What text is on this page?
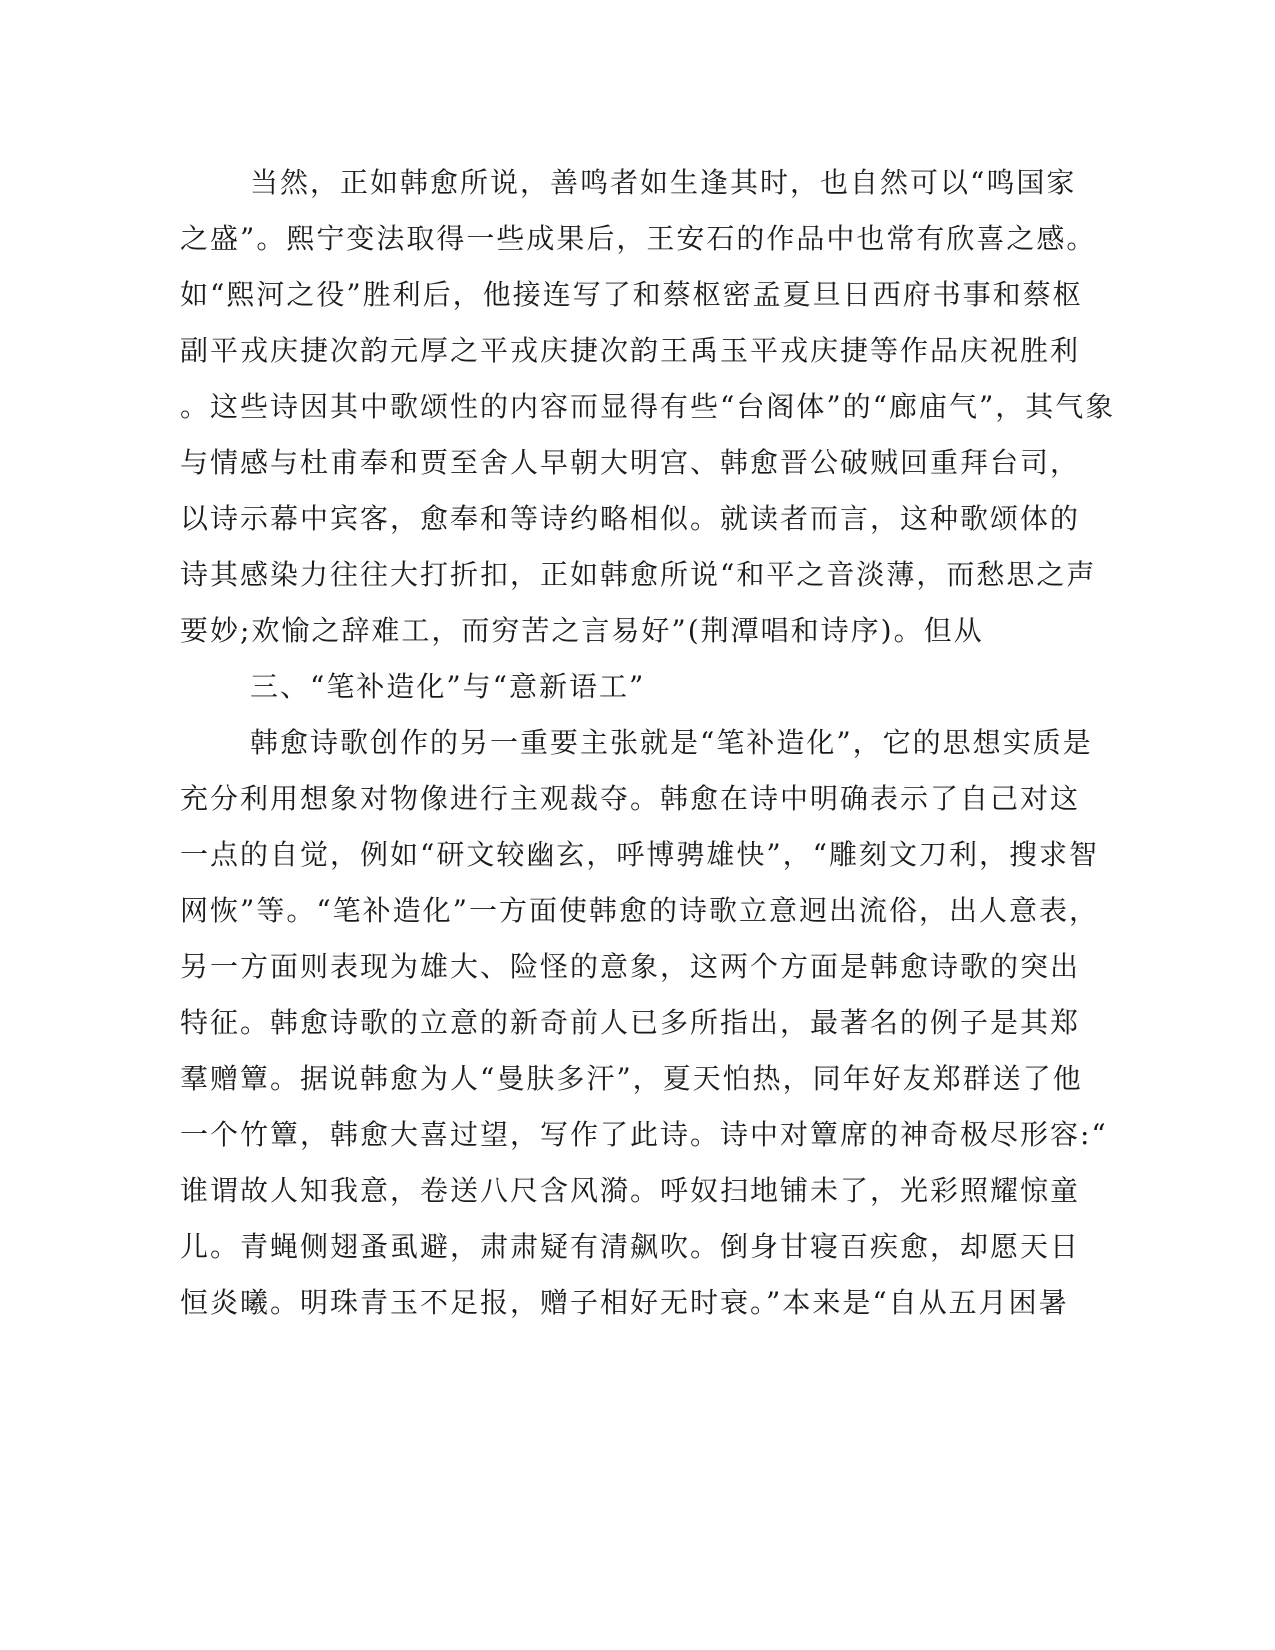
当然，正如韩愈所说，善鸣者如生逢其时，也自然可以“鸣国家
之盛”。熙宁变法取得一些成果后，王安石的作品中也常有欣喜之感。
如“熙河之役”胜利后，他接连写了和蔡枢密孟夏旦日西府书事和蔡枢
副平戎庆捷次韵元厚之平戎庆捷次韵王禹玉平戎庆捷等作品庆祝胜利
。这些诗因其中歌颂性的内容而显得有些“台阁体”的“廊庙气”，其气象
与情感与杜甫奉和贾至舍人早朝大明宫、韩愈晋公破贼回重拜台司，
以诗示幕中宾客，愈奉和等诗约略相似。就读者而言，这种歌颂体的
诗其感染力往往大打折扣，正如韩愈所说“和平之音淡薄，而愁思之声
要妙;欢愉之辞难工，而穷苦之言易好”(荆潭唱和诗序)。但从
三、“笔补造化”与“意新语工”
韩愈诗歌创作的另一重要主张就是“笔补造化”，它的思想实质是
充分利用想象对物像进行主观裁夺。韩愈在诗中明确表示了自己对这
一点的自觉，例如“研文较幽玄，呼博骋雄快”，“雕刻文刀利，搜求智
网恢”等。“笔补造化”一方面使韩愈的诗歌立意迥出流俗，出人意表，
另一方面则表现为雄大、险怪的意象，这两个方面是韩愈诗歌的突出
特征。韩愈诗歌的立意的新奇前人已多所指出，最著名的例子是其郑
羣赠簟。据说韩愈为人“曼肤多汗”，夏天怕热，同年好友郑群送了他
一个竹簟，韩愈大喜过望，写作了此诗。诗中对簟席的神奇极尽形容:“
谁谓故人知我意，卷送八尺含风漪。呼奴扫地铺未了，光彩照耀惊童
儿。青蝇侧翅蚤虱避，肃肃疑有清飙吹。倒身甘寝百疾愈，却愿天日
恒炎曦。明珠青玉不足报，赠子相好无时衰。”本来是“自从五月困暑
